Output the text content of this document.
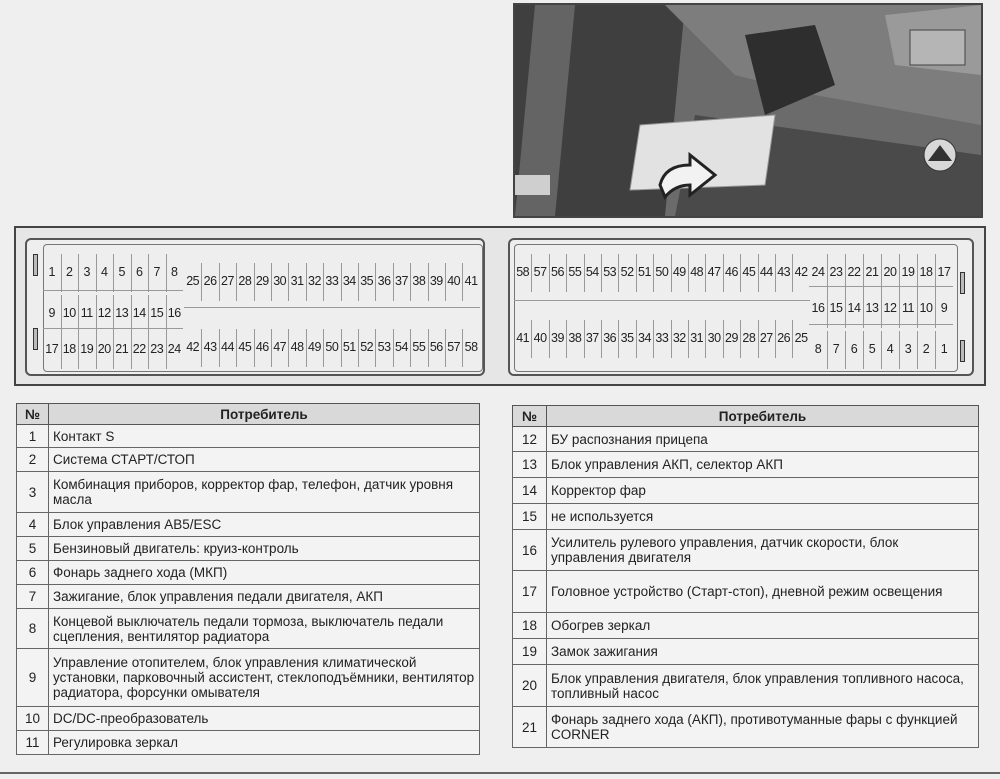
1 2 3 4 5 6 7 8
9 10 11 12 13 14 15 16
17 18 19 20 21 22 23 24
25 26 27 28 29 30 31 32 33 34 35 36 37 38 39 40 41
42 43 44 45 46 47 48 49 50 51 52 53 54 55 56 57 58
58 57 56 55 54 53 52 51 50 49 48 47 46 45 44 43 42
41 40 39 38 37 36 35 34 33 32 31 30 29 28 27 26 25
24 23 22 21 20 19 18 17
16 15 14 13 12 11 10 9
8 7 6 5 4 3 2 1
№	Потребитель
1	Контакт S
2	Система СТАРТ/СТОП
3	Комбинация приборов, корректор фар, телефон, датчик уровня масла
4	Блок управления АВ5/ESC
5	Бензиновый двигатель: круиз-контроль
6	Фонарь заднего хода (МКП)
7	Зажигание, блок управления педали двигателя, АКП
8	Концевой выключатель педали тормоза, выключатель педали сцепления, вентилятор радиатора
9	Управление отопителем, блок управления климатической установки, парковочный ассистент, стеклоподъёмники, вентилятор радиатора, форсунки омывателя
10	DC/DC-преобразователь
11	Регулировка зеркал
№	Потребитель
12	БУ распознания прицепа
13	Блок управления АКП, селектор АКП
14	Корректор фар
15	не используется
16	Усилитель рулевого управления, датчик скорости, блок управления двигателя
17	Головное устройство (Старт-стоп), дневной режим освещения
18	Обогрев зеркал
19	Замок зажигания
20	Блок управления двигателя, блок управления топливного насоса, топливный насос
21	Фонарь заднего хода (АКП), противотуманные фары с функцией CORNER
